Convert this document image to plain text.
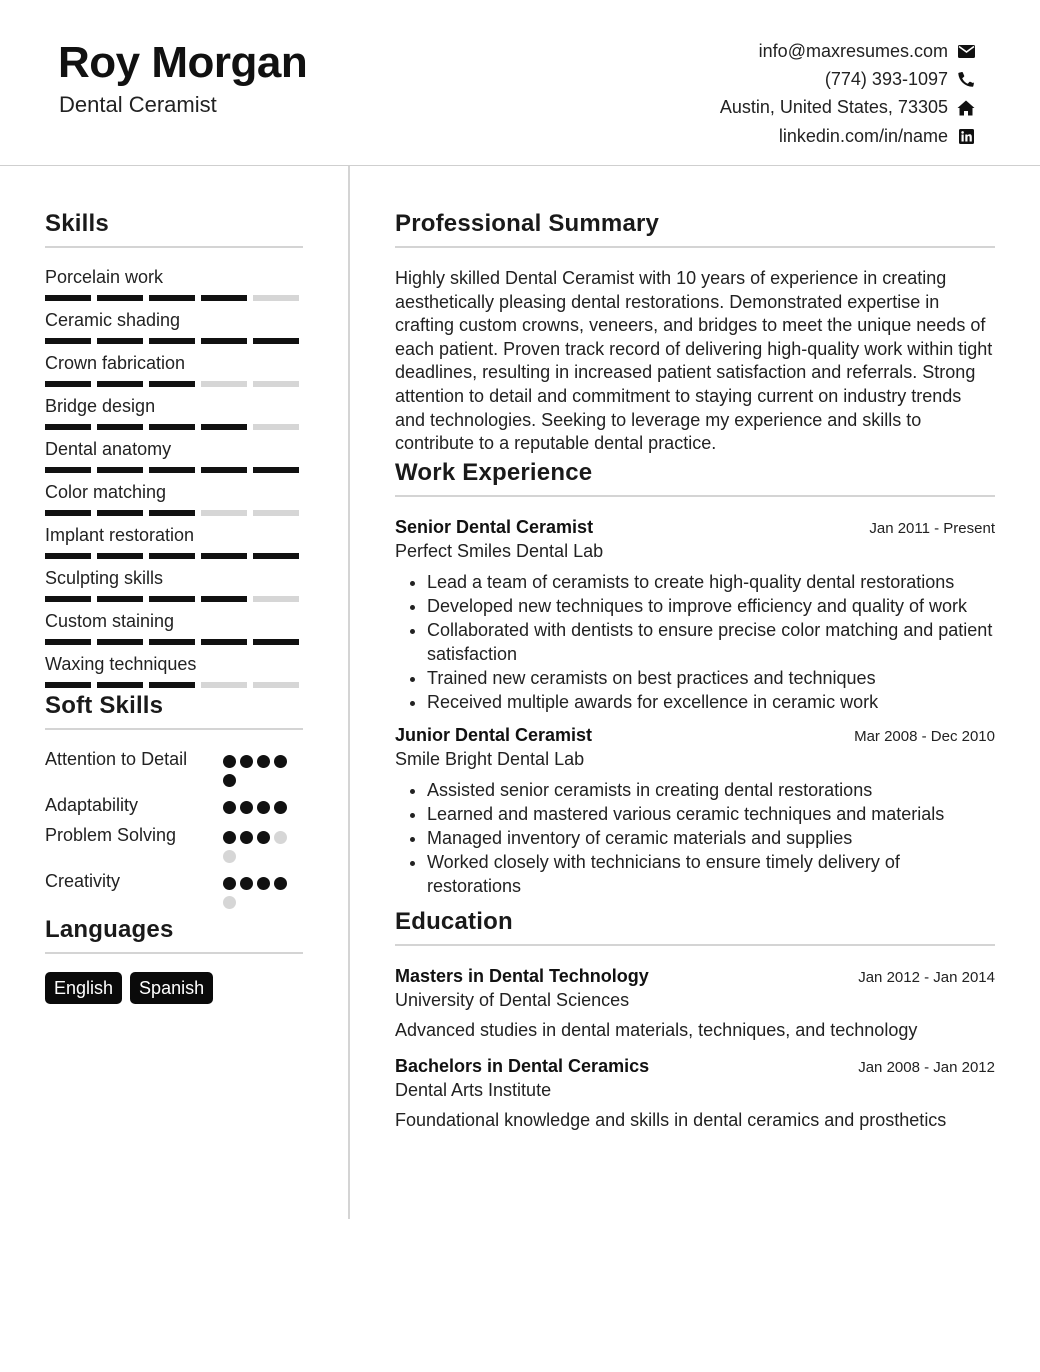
Roy Morgan
Dental Ceramist
info@maxresumes.com
(774) 393-1097
Austin, United States, 73305
linkedin.com/in/name
Skills
Porcelain work
Ceramic shading
Crown fabrication
Bridge design
Dental anatomy
Color matching
Implant restoration
Sculpting skills
Custom staining
Waxing techniques
Soft Skills
Attention to Detail
Adaptability
Problem Solving
Creativity
Languages
English	Spanish
Professional Summary
Highly skilled Dental Ceramist with 10 years of experience in creating aesthetically pleasing dental restorations. Demonstrated expertise in crafting custom crowns, veneers, and bridges to meet the unique needs of each patient. Proven track record of delivering high-quality work within tight deadlines, resulting in increased patient satisfaction and referrals. Strong attention to detail and commitment to staying current on industry trends and technologies. Seeking to leverage my experience and skills to contribute to a reputable dental practice.
Work Experience
Senior Dental Ceramist	Jan 2011 - Present
Perfect Smiles Dental Lab
• Lead a team of ceramists to create high-quality dental restorations
• Developed new techniques to improve efficiency and quality of work
• Collaborated with dentists to ensure precise color matching and patient satisfaction
• Trained new ceramists on best practices and techniques
• Received multiple awards for excellence in ceramic work
Junior Dental Ceramist	Mar 2008 - Dec 2010
Smile Bright Dental Lab
• Assisted senior ceramists in creating dental restorations
• Learned and mastered various ceramic techniques and materials
• Managed inventory of ceramic materials and supplies
• Worked closely with technicians to ensure timely delivery of restorations
Education
Masters in Dental Technology	Jan 2012 - Jan 2014
University of Dental Sciences
Advanced studies in dental materials, techniques, and technology
Bachelors in Dental Ceramics	Jan 2008 - Jan 2012
Dental Arts Institute
Foundational knowledge and skills in dental ceramics and prosthetics
